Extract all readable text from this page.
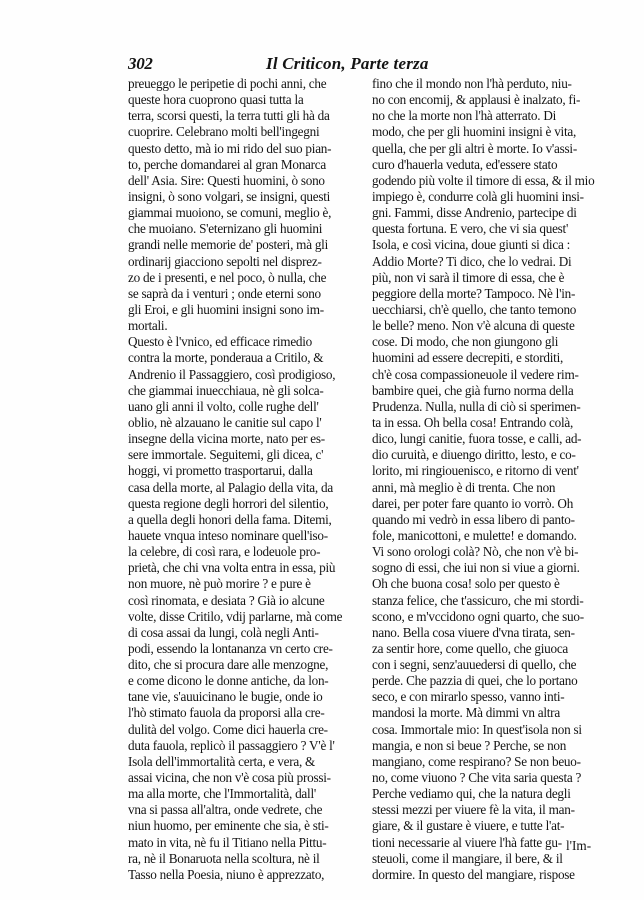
302	Il Criticon, Parte terza
preueggo le peripetie di pochi anni, che
queste hora cuoprono quasi tutta la
terra, scorsi questi, la terra tutti gli hà da
cuoprire. Celebrano molti bell'ingegni
questo detto, mà io mi rido del suo pian-
to, perche domandarei al gran Monarca
dell' Asia. Sire: Questi huomini, ò sono
insigni, ò sono volgari, se insigni, questi
giammai muoiono, se comuni, meglio è,
che muoiano. S'eternizano gli huomini
grandi nelle memorie de' posteri, mà gli
ordinarij giacciono sepolti nel disprez-
zo de i presenti, e nel poco, ò nulla, che
se saprà da i venturi ; onde eterni sono
gli Eroi, e gli huomini insigni sono im-
mortali.
Questo è l'vnico, ed efficace rimedio
contra la morte, ponderaua a Critilo, &
Andrenio il Passaggiero, così prodigioso,
che giammai inuecchiaua, nè gli solca-
uano gli anni il volto, colle rughe dell'
oblio, nè alzauano le canitie sul capo l'
insegne della vicina morte, nato per es-
sere immortale. Seguitemi, gli dicea, c'
hoggi, vi prometto trasportarui, dalla
casa della morte, al Palagio della vita, da
questa regione degli horrori del silentio,
a quella degli honori della fama. Ditemi,
hauete vnqua inteso nominare quell'iso-
la celebre, di così rara, e lodeuole pro-
prietà, che chi vna volta entra in essa, più
non muore, nè può morire ? e pure è
così rinomata, e desiata ? Già io alcune
volte, disse Critilo, vdij parlarne, mà come
di cosa assai da lungi, colà negli Anti-
podi, essendo la lontananza vn certo cre-
dito, che si procura dare alle menzogne,
e come dicono le donne antiche, da lon-
tane vie, s'auuicinano le bugie, onde io
l'hò stimato fauola da proporsi alla cre-
dulità del volgo. Come dici hauerla cre-
duta fauola, replicò il passaggiero ? V'è l'
Isola dell'immortalità certa, e vera, &
assai vicina, che non v'è cosa più prossi-
ma alla morte, che l'Immortalità, dall'
vna si passa all'altra, onde vedrete, che
niun huomo, per eminente che sia, è sti-
mato in vita, nè fu il Titiano nella Pittu-
ra, nè il Bonaruota nella scoltura, nè il
Tasso nella Poesia, niuno è apprezzato,
fino che il mondo non l'hà perduto, niu-
no con encomij, & applausi è inalzato, fi-
no che la morte non l'hà atterrato. Di
modo, che per gli huomini insigni è vita,
quella, che per gli altri è morte. Io v'assi-
curo d'hauerla veduta, ed'essere stato
godendo più volte il timore di essa, & il mio
impiego è, condurre colà gli huomini insi-
gni. Fammi, disse Andrenio, partecipe di
questa fortuna. E vero, che vi sia quest'
Isola, e così vicina, doue giunti si dica :
Addio Morte? Ti dico, che lo vedrai. Di
più, non vi sarà il timore di essa, che è
peggiore della morte? Tampoco. Nè l'in-
uecchiarsi, ch'è quello, che tanto temono
le belle? meno. Non v'è alcuna di queste
cose. Di modo, che non giungono gli
huomini ad essere decrepiti, e storditi,
ch'è cosa compassioneuole il vedere rim-
bambire quei, che già furno norma della
Prudenza. Nulla, nulla di ciò si sperimen-
ta in essa. Oh bella cosa! Entrando colà,
dico, lungi canitie, fuora tosse, e calli, ad-
dio curuità, e diuengo diritto, lesto, e co-
lorito, mi ringiouenisco, e ritorno di vent'
anni, mà meglio è di trenta. Che non
darei, per poter fare quanto io vorrò. Oh
quando mi vedrò in essa libero di panto-
fole, manicottoni, e mulette! e domando.
Vi sono orologi colà? Nò, che non v'è bi-
sogno di essi, che iui non si viue a giorni.
Oh che buona cosa! solo per questo è
stanza felice, che t'assicuro, che mi stordi-
scono, e m'vccidono ogni quarto, che suo-
nano. Bella cosa viuere d'vna tirata, sen-
za sentir hore, come quello, che giuoca
con i segni, senz'auuedersi di quello, che
perde. Che pazzia di quei, che lo portano
seco, e con mirarlo spesso, vanno inti-
mandosi la morte. Mà dimmi vn altra
cosa. Immortale mio: In quest'isola non si
mangia, e non si beue ? Perche, se non
mangiano, come respirano? Se non beuo-
no, come viuono ? Che vita saria questa ?
Perche vediamo qui, che la natura degli
stessi mezzi per viuere fè la vita, il man-
giare, & il gustare è viuere, e tutte l'at-
tioni necessarie al viuere l'hà fatte gu-
steuoli, come il mangiare, il bere, & il
dormire. In questo del mangiare, rispose
l'Im-
